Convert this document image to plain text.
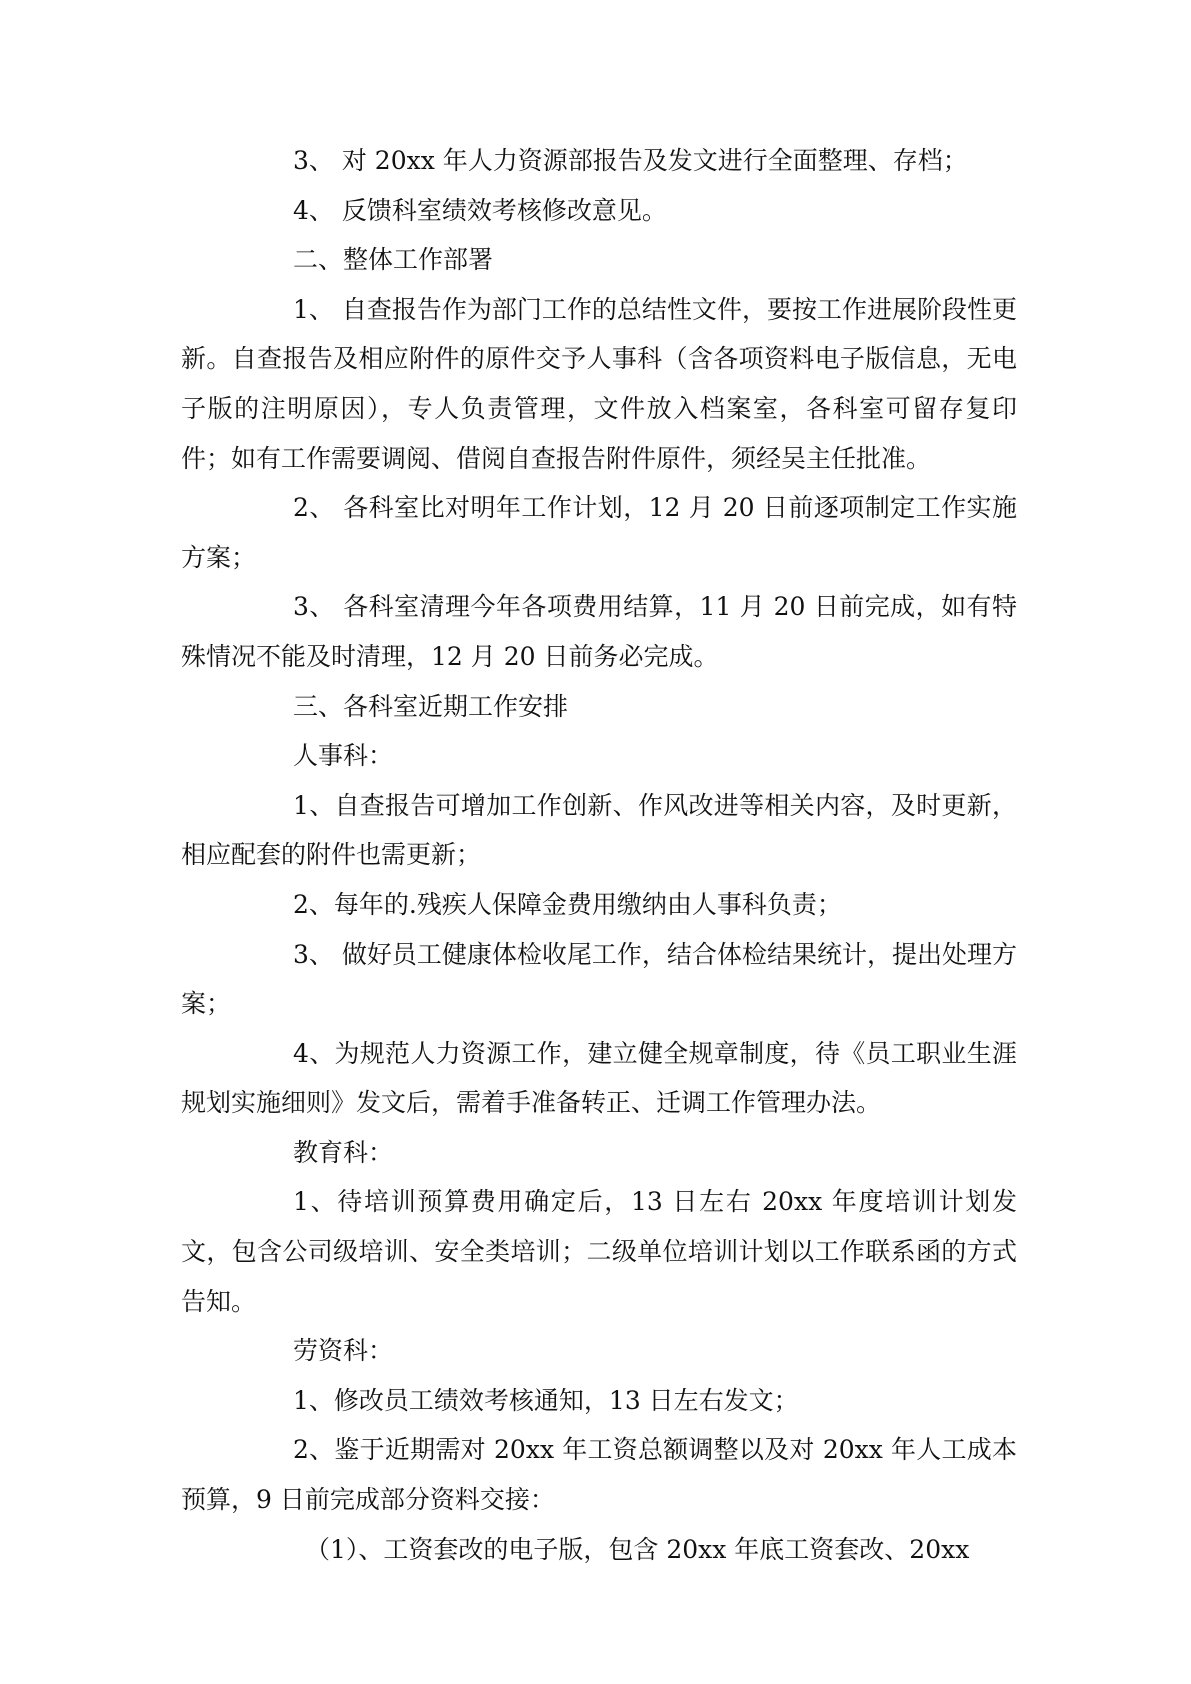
3、 对 20xx 年人力资源部报告及发文进行全面整理、存档；

4、 反馈科室绩效考核修改意见。

二、整体工作部署

1、 自查报告作为部门工作的总结性文件，要按工作进展阶段性更新。自查报告及相应附件的原件交予人事科（含各项资料电子版信息，无电子版的注明原因），专人负责管理，文件放入档案室，各科室可留存复印件；如有工作需要调阅、借阅自查报告附件原件，须经吴主任批准。

2、 各科室比对明年工作计划，12 月 20 日前逐项制定工作实施方案；

3、 各科室清理今年各项费用结算，11 月 20 日前完成，如有特殊情况不能及时清理，12 月 20 日前务必完成。

三、各科室近期工作安排

人事科：

1、自查报告可增加工作创新、作风改进等相关内容，及时更新，相应配套的附件也需更新；

2、每年的.残疾人保障金费用缴纳由人事科负责；

3、 做好员工健康体检收尾工作，结合体检结果统计，提出处理方案；

4、为规范人力资源工作，建立健全规章制度，待《员工职业生涯规划实施细则》发文后，需着手准备转正、迁调工作管理办法。

教育科：

1、待培训预算费用确定后，13 日左右 20xx 年度培训计划发文，包含公司级培训、安全类培训；二级单位培训计划以工作联系函的方式告知。

劳资科：

1、修改员工绩效考核通知，13 日左右发文；

2、鉴于近期需对 20xx 年工资总额调整以及对 20xx 年人工成本预算，9 日前完成部分资料交接：

（1）、工资套改的电子版，包含 20xx 年底工资套改、20xx
